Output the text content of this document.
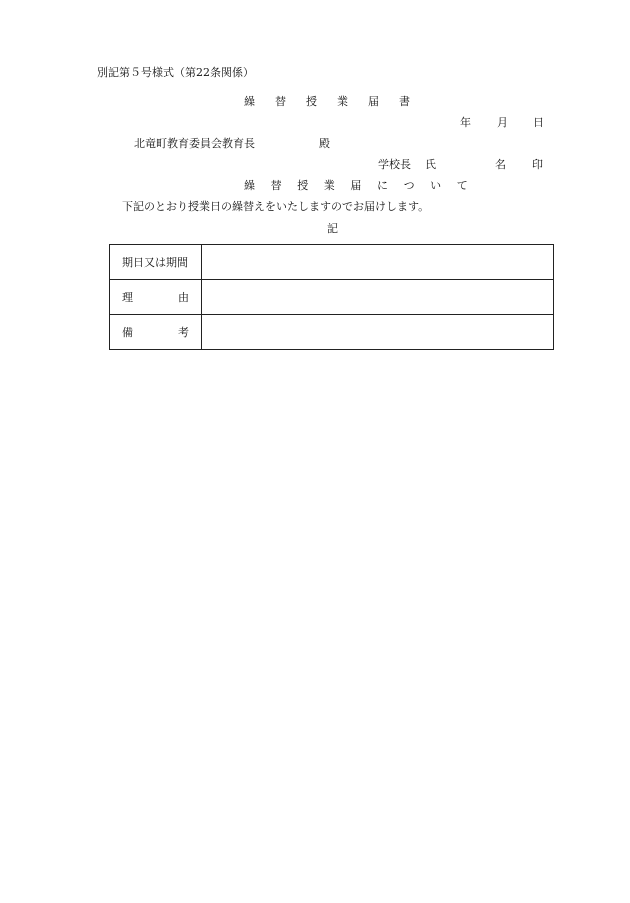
別記第５号様式（第22条関係）
繰 替 授 業 届 書
年 月 日
北竜町教育委員会教育長	殿
学校長 氏	名 印
繰 替 授 業 届 に つ い て
下記のとおり授業日の繰替えをいたしますのでお届けします。
記
期日又は期間	

理 由	

備 考	
